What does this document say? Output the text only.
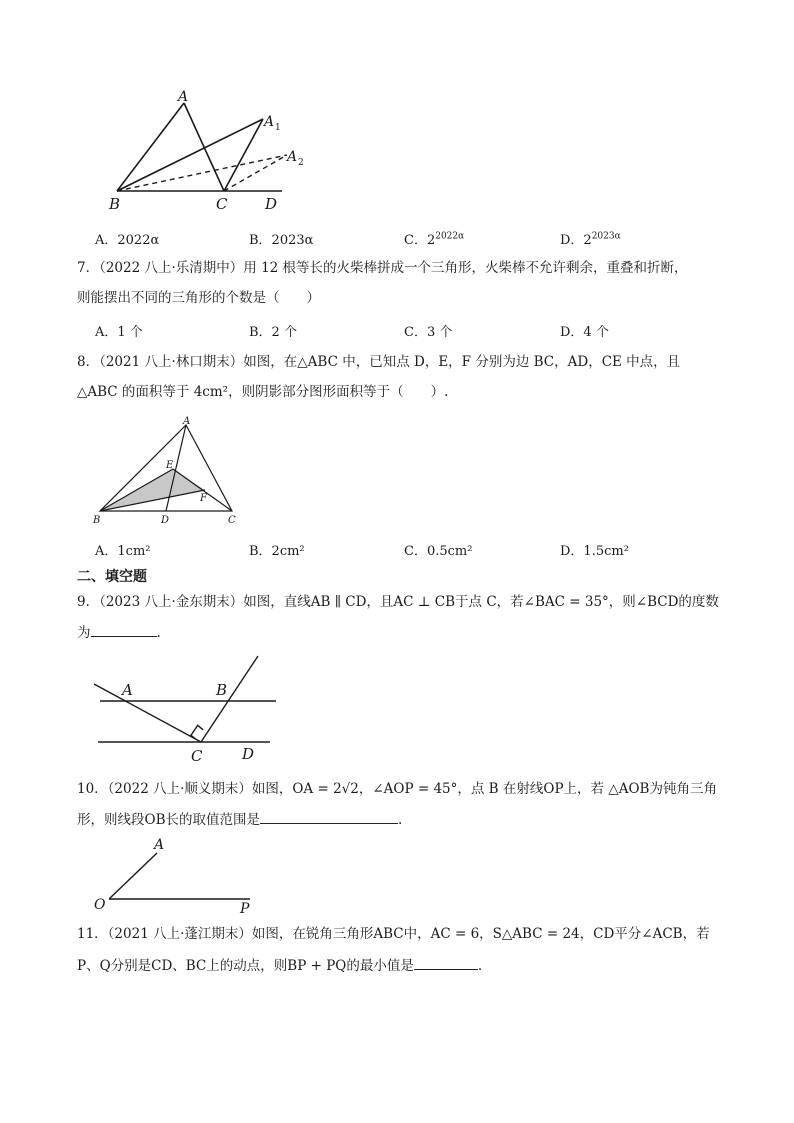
A
A 1
A 2
B	C	D
A．2022α	B．2023α	C．$2^{2022\alpha}$	D．$2^{2023\alpha}$
7．（2022 八上·乐清期中）用 12 根等长的火柴棒拼成一个三角形，火柴棒不允许剩余，重叠和折断，
则能摆出不同的三角形的个数是（　　）
A．1 个	B．2 个	C．3 个	D．4 个
8．（2021 八上·林口期末）如图，在△ABC 中，已知点 D，E，F 分别为边 BC，AD，CE 中点，且
△ABC 的面积等于 4cm²，则阴影部分图形面积等于（　　）.
A
E
F
B	D	C
A．1cm²	B．2cm²	C．0.5cm²	D．1.5cm²
二、填空题
9．（2023 八上·金东期末）如图，直线AB ∥ CD，且AC ⊥ CB于点 C，若∠BAC = 35°，则∠BCD的度数
为	.
A	B
C	D
10．（2022 八上·顺义期末）如图，OA = 2√2，∠AOP = 45°，点 B 在射线OP上，若 △AOB为钝角三角
形，则线段OB长的取值范围是	.
A
O	P
11．（2021 八上·蓬江期末）如图，在锐角三角形ABC中，AC = 6，S△ABC = 24，CD平分∠ACB，若
P、Q分别是CD、BC上的动点，则BP + PQ的最小值是	.
